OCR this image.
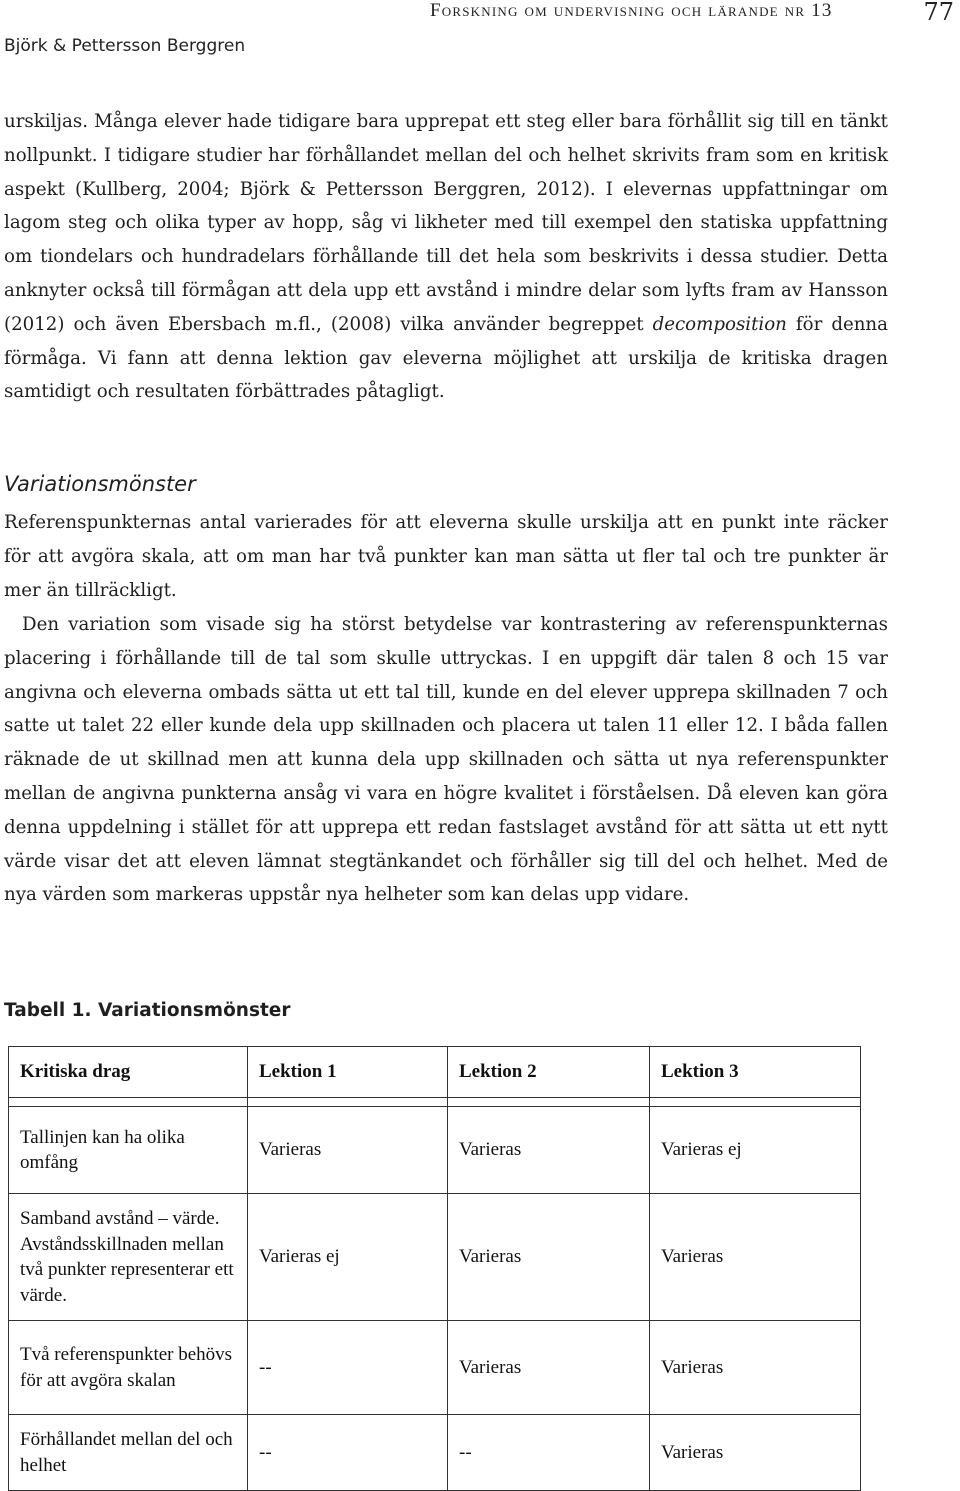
Forskning om undervisning och lärande nr 13	77
Björk & Pettersson Berggren

urskiljas. Många elever hade tidigare bara upprepat ett steg eller bara förhållit sig till en tänkt nollpunkt. I tidigare studier har förhållandet mellan del och helhet skrivits fram som en kritisk aspekt (Kullberg, 2004; Björk & Pettersson Berggren, 2012). I elevernas uppfattningar om lagom steg och olika typer av hopp, såg vi likheter med till exempel den statiska uppfattning om tiondelars och hundradelars förhållande till det hela som beskrivits i dessa studier. Detta anknyter också till förmågan att dela upp ett avstånd i mindre delar som lyfts fram av Hansson (2012) och även Ebersbach m.fl., (2008) vilka använder begreppet decomposition för denna förmåga. Vi fann att denna lektion gav eleverna möjlighet att urskilja de kritiska dragen samtidigt och resultaten förbättrades påtagligt.

Variationsmönster

Referenspunkternas antal varierades för att eleverna skulle urskilja att en punkt inte räcker för att avgöra skala, att om man har två punkter kan man sätta ut fler tal och tre punkter är mer än tillräckligt.

Den variation som visade sig ha störst betydelse var kontrastering av referenspunkternas placering i förhållande till de tal som skulle uttryckas. I en uppgift där talen 8 och 15 var angivna och eleverna ombads sätta ut ett tal till, kunde en del elever upprepa skillnaden 7 och satte ut talet 22 eller kunde dela upp skillnaden och placera ut talen 11 eller 12. I båda fallen räknade de ut skillnad men att kunna dela upp skillnaden och sätta ut nya referenspunkter mellan de angivna punkterna ansåg vi vara en högre kvalitet i förståelsen. Då eleven kan göra denna uppdelning i stället för att upprepa ett redan fastslaget avstånd för att sätta ut ett nytt värde visar det att eleven lämnat stegtänkandet och förhåller sig till del och helhet. Med de nya värden som markeras uppstår nya helheter som kan delas upp vidare.

Tabell 1. Variationsmönster
Kritiska drag	Lektion 1	Lektion 2	Lektion 3

Tallinjen kan ha olika omfång	Varieras	Varieras	Varieras ej
Samband avstånd – värde. Avståndsskillnaden mellan två punkter representerar ett värde.	Varieras ej	Varieras	Varieras
Två referenspunkter behövs för att avgöra skalan	--	Varieras	Varieras
Förhållandet mellan del och helhet	--	--	Varieras
